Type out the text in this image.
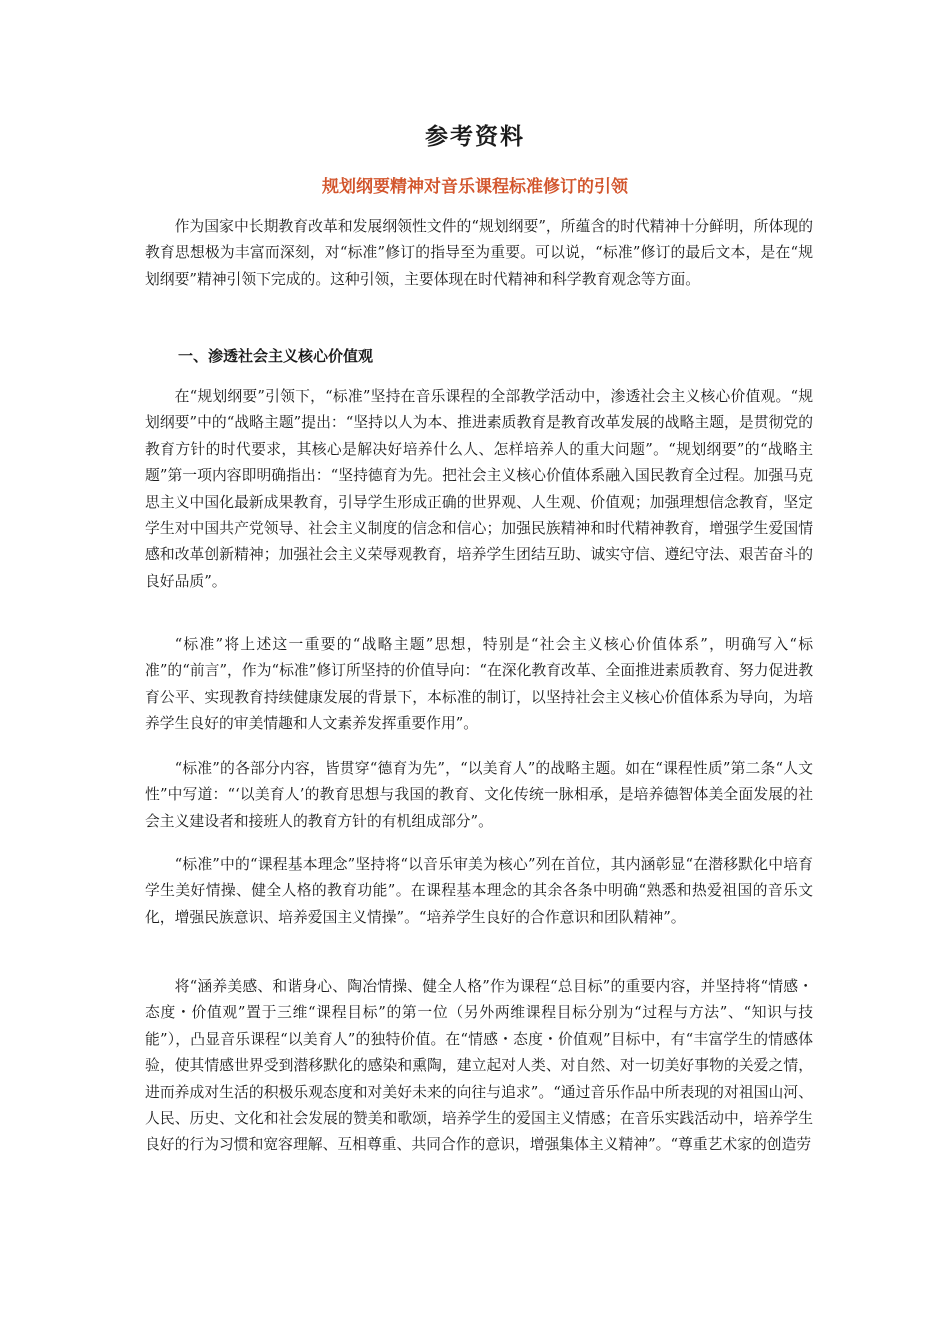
参考资料
规划纲要精神对音乐课程标准修订的引领

作为国家中长期教育改革和发展纲领性文件的“规划纲要”，所蕴含的时代精神十分鲜明，所体现的教育思想极为丰富而深刻，对“标准”修订的指导至为重要。可以说，“标准”修订的最后文本，是在“规划纲要”精神引领下完成的。这种引领，主要体现在时代精神和科学教育观念等方面。

一、渗透社会主义核心价值观

在“规划纲要”引领下，“标准”坚持在音乐课程的全部教学活动中，渗透社会主义核心价值观。“规划纲要”中的“战略主题”提出：“坚持以人为本、推进素质教育是教育改革发展的战略主题，是贯彻党的教育方针的时代要求，其核心是解决好培养什么人、怎样培养人的重大问题”。“规划纲要”的“战略主题”第一项内容即明确指出：“坚持德育为先。把社会主义核心价值体系融入国民教育全过程。加强马克思主义中国化最新成果教育，引导学生形成正确的世界观、人生观、价值观；加强理想信念教育，坚定学生对中国共产党领导、社会主义制度的信念和信心；加强民族精神和时代精神教育，增强学生爱国情感和改革创新精神；加强社会主义荣辱观教育，培养学生团结互助、诚实守信、遵纪守法、艰苦奋斗的良好品质”。

“标准”将上述这一重要的“战略主题”思想，特别是“社会主义核心价值体系”，明确写入“标准”的“前言”，作为“标准”修订所坚持的价值导向：“在深化教育改革、全面推进素质教育、努力促进教育公平、实现教育持续健康发展的背景下，本标准的制订，以坚持社会主义核心价值体系为导向，为培养学生良好的审美情趣和人文素养发挥重要作用”。

“标准”的各部分内容，皆贯穿“德育为先”，“以美育人”的战略主题。如在“课程性质”第二条“人文性”中写道：“‘以美育人’的教育思想与我国的教育、文化传统一脉相承，是培养德智体美全面发展的社会主义建设者和接班人的教育方针的有机组成部分”。

“标准”中的“课程基本理念”坚持将“以音乐审美为核心”列在首位，其内涵彰显“在潜移默化中培育学生美好情操、健全人格的教育功能”。在课程基本理念的其余各条中明确“熟悉和热爱祖国的音乐文化，增强民族意识、培养爱国主义情操”。“培养学生良好的合作意识和团队精神”。

将“涵养美感、和谐身心、陶冶情操、健全人格”作为课程“总目标”的重要内容，并坚持将“情感・态度・价值观”置于三维“课程目标”的第一位（另外两维课程目标分别为“过程与方法”、“知识与技能”），凸显音乐课程“以美育人”的独特价值。在“情感・态度・价值观”目标中，有“丰富学生的情感体验，使其情感世界受到潜移默化的感染和熏陶，建立起对人类、对自然、对一切美好事物的关爱之情，进而养成对生活的积极乐观态度和对美好未来的向往与追求”。“通过音乐作品中所表现的对祖国山河、人民、历史、文化和社会发展的赞美和歌颂，培养学生的爱国主义情感；在音乐实践活动中，培养学生良好的行为习惯和宽容理解、互相尊重、共同合作的意识，增强集体主义精神”。“尊重艺术家的创造劳
